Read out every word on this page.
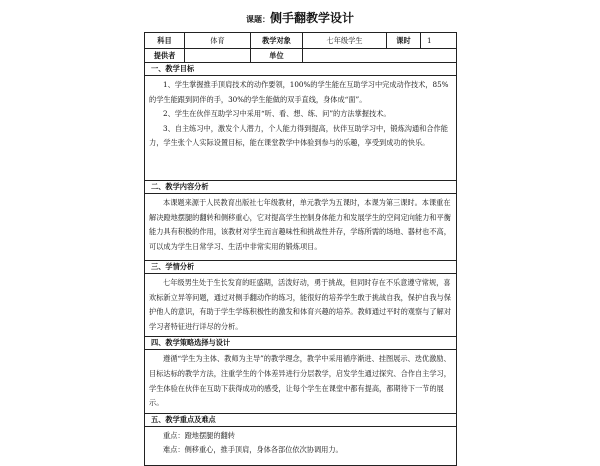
课题：侧手翻教学设计
科目	体育	教学对象	七年级学生	课时	1
提供者		单位			
一、教学目标					

1、学生掌握推手顶肩技术的动作要领，100%的学生能在互助学习中完成动作技术，85%的学生能跟到同伴的手，30%的学生能做的双手直线，身体成“面”。

2、学生在伙伴互助学习中采用“听、看、想、练、问”的方法掌握技术。

3、自主练习中，激发个人潜力，个人能力得到提高，伙伴互助学习中，锻炼沟通和合作能力，学生张个人实际设置目标，能在课堂教学中体验到参与的乐趣，享受到成功的快乐。					

二、教学内容分析					

本课题来源于人民教育出版社七年级教材，单元教学为五课时，本课为第三课时。本课重在解决蹬地摆腿的翻转和侧移重心，它对提高学生控制身体能力和发展学生的空间定向能力和平衡能力具有积极的作用，该教材对学生而言趣味性和挑战性并存，学练所需的场地、器材也不高，可以成为学生日常学习、生活中非常实用的锻炼项目。					

三、学情分析					

七年级男生处于生长发育的旺盛期，活泼好动，勇于挑战，但同时存在不乐意遵守常规，喜欢标新立异等问题，通过对侧手翻动作的练习，能很好的培养学生敢于挑战自我，保护自我与保护他人的意识，有助于学生学练积极性的激发和体育兴趣的培养。教师通过平时的观察与了解对学习者特征进行详尽的分析。					

四、教学策略选择与设计					

遵循“学生为主体、教师为主导”的教学理念，教学中采用循序渐进、挂图展示、迭优激励、目标达标的教学方法，注重学生的个体差异进行分层教学，启发学生通过探究、合作自主学习，学生体验在伙伴在互助下获得成功的感受，让每个学生在课堂中都有提高，都期待下一节的展示。					

五、教学重点及难点					

重点：蹬地摆腿的翻转

难点：侧移重心，推手顶肩，身体各部位依次协调用力。					
